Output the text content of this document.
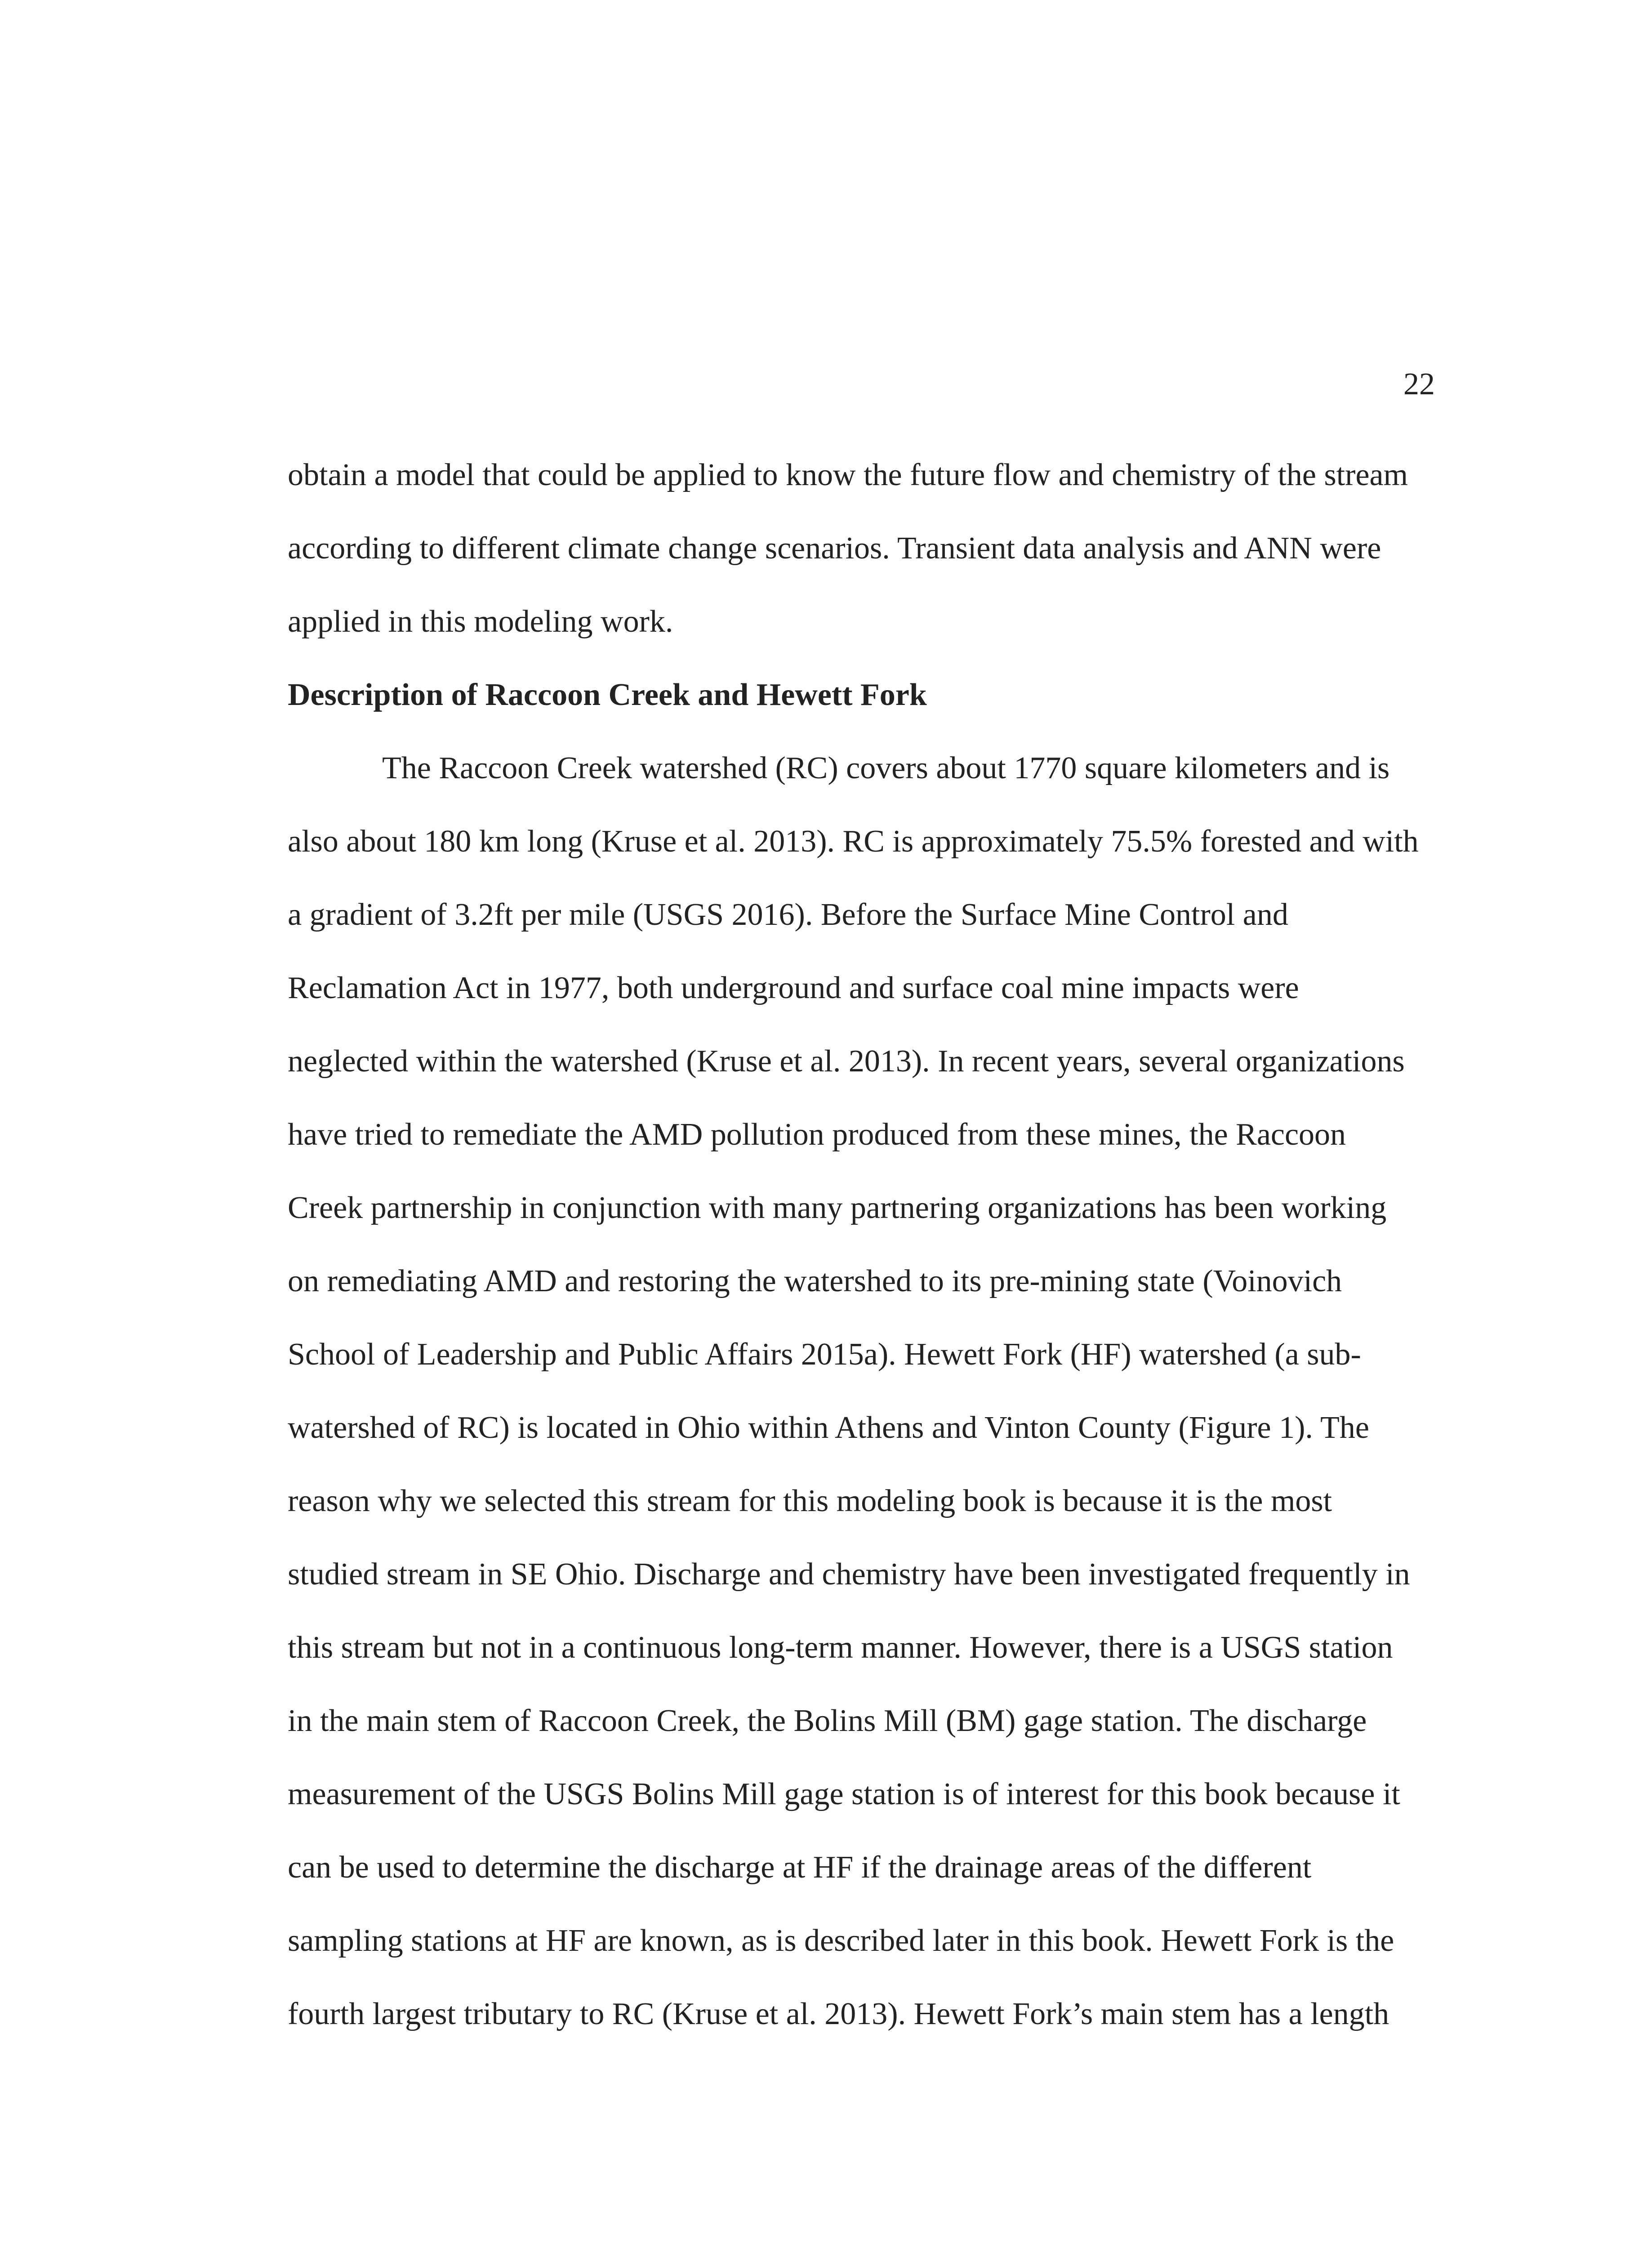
22
obtain a model that could be applied to know the future flow and chemistry of the stream
according to different climate change scenarios. Transient data analysis and ANN were
applied in this modeling work.
Description of Raccoon Creek and Hewett Fork
The Raccoon Creek watershed (RC) covers about 1770 square kilometers and is
also about 180 km long (Kruse et al. 2013). RC is approximately 75.5% forested and with
a gradient of 3.2ft per mile (USGS 2016). Before the Surface Mine Control and
Reclamation Act in 1977, both underground and surface coal mine impacts were
neglected within the watershed (Kruse et al. 2013). In recent years, several organizations
have tried to remediate the AMD pollution produced from these mines, the Raccoon
Creek partnership in conjunction with many partnering organizations has been working
on remediating AMD and restoring the watershed to its pre-mining state (Voinovich
School of Leadership and Public Affairs 2015a). Hewett Fork (HF) watershed (a sub-
watershed of RC) is located in Ohio within Athens and Vinton County (Figure 1). The
reason why we selected this stream for this modeling book is because it is the most
studied stream in SE Ohio. Discharge and chemistry have been investigated frequently in
this stream but not in a continuous long-term manner. However, there is a USGS station
in the main stem of Raccoon Creek, the Bolins Mill (BM) gage station. The discharge
measurement of the USGS Bolins Mill gage station is of interest for this book because it
can be used to determine the discharge at HF if the drainage areas of the different
sampling stations at HF are known, as is described later in this book. Hewett Fork is the
fourth largest tributary to RC (Kruse et al. 2013). Hewett Fork’s main stem has a length
